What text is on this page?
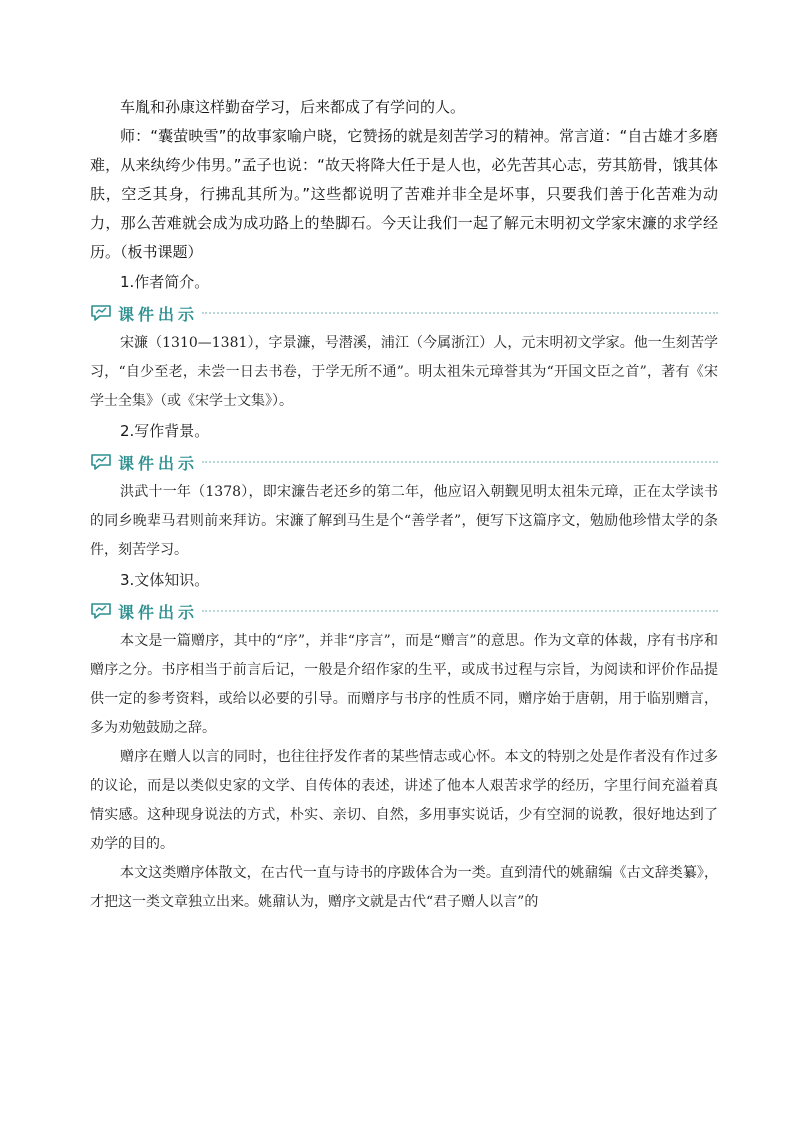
车胤和孙康这样勤奋学习，后来都成了有学问的人。

师：“囊萤映雪”的故事家喻户晓，它赞扬的就是刻苦学习的精神。常言道：“自古雄才多磨难，从来纨绔少伟男。”孟子也说：“故天将降大任于是人也，必先苦其心志，劳其筋骨，饿其体肤，空乏其身，行拂乱其所为。”这些都说明了苦难并非全是坏事，只要我们善于化苦难为动力，那么苦难就会成为成功路上的垫脚石。今天让我们一起了解元末明初文学家宋濂的求学经历。（板书课题）

1.作者简介。

课件出示

宋濂（1310—1381），字景濂，号潜溪，浦江（今属浙江）人，元末明初文学家。他一生刻苦学习，“自少至老，未尝一日去书卷，于学无所不通”。明太祖朱元璋誉其为“开国文臣之首”，著有《宋学士全集》（或《宋学士文集》）。

2.写作背景。

课件出示

洪武十一年（1378），即宋濂告老还乡的第二年，他应诏入朝觐见明太祖朱元璋，正在太学读书的同乡晚辈马君则前来拜访。宋濂了解到马生是个“善学者”，便写下这篇序文，勉励他珍惜太学的条件，刻苦学习。

3.文体知识。

课件出示

本文是一篇赠序，其中的“序”，并非“序言”，而是“赠言”的意思。作为文章的体裁，序有书序和赠序之分。书序相当于前言后记，一般是介绍作家的生平，或成书过程与宗旨，为阅读和评价作品提供一定的参考资料，或给以必要的引导。而赠序与书序的性质不同，赠序始于唐朝，用于临别赠言，多为劝勉鼓励之辞。

赠序在赠人以言的同时，也往往抒发作者的某些情志或心怀。本文的特别之处是作者没有作过多的议论，而是以类似史家的文学、自传体的表述，讲述了他本人艰苦求学的经历，字里行间充溢着真情实感。这种现身说法的方式，朴实、亲切、自然，多用事实说话，少有空洞的说教，很好地达到了劝学的目的。

本文这类赠序体散文，在古代一直与诗书的序跋体合为一类。直到清代的姚鼐编《古文辞类纂》，才把这一类文章独立出来。姚鼐认为，赠序文就是古代“君子赠人以言”的
